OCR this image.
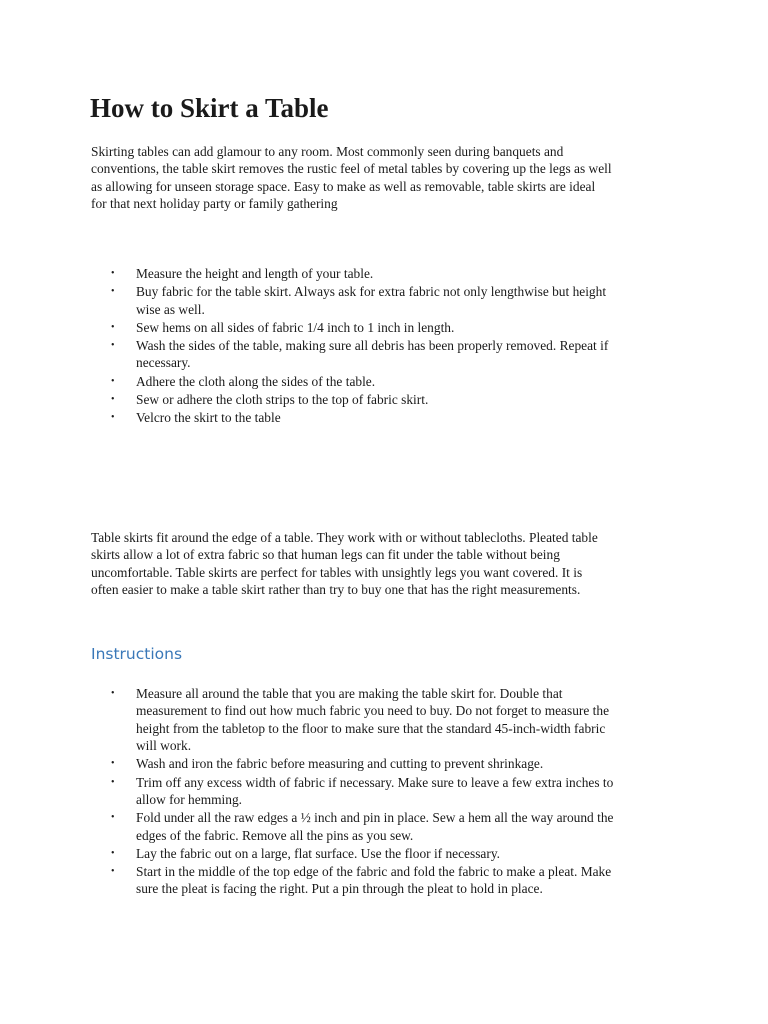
How to Skirt a Table

Skirting tables can add glamour to any room. Most commonly seen during banquets and
conventions, the table skirt removes the rustic feel of metal tables by covering up the legs as well
as allowing for unseen storage space. Easy to make as well as removable, table skirts are ideal
for that next holiday party or family gathering

• Measure the height and length of your table.
• Buy fabric for the table skirt. Always ask for extra fabric not only lengthwise but height
wise as well.
• Sew hems on all sides of fabric 1/4 inch to 1 inch in length.
• Wash the sides of the table, making sure all debris has been properly removed. Repeat if
necessary.
• Adhere the cloth along the sides of the table.
• Sew or adhere the cloth strips to the top of fabric skirt.
• Velcro the skirt to the table

Table skirts fit around the edge of a table. They work with or without tablecloths. Pleated table
skirts allow a lot of extra fabric so that human legs can fit under the table without being
uncomfortable. Table skirts are perfect for tables with unsightly legs you want covered. It is
often easier to make a table skirt rather than try to buy one that has the right measurements.

Instructions
• Measure all around the table that you are making the table skirt for. Double that
measurement to find out how much fabric you need to buy. Do not forget to measure the
height from the tabletop to the floor to make sure that the standard 45-inch-width fabric
will work.
• Wash and iron the fabric before measuring and cutting to prevent shrinkage.
• Trim off any excess width of fabric if necessary. Make sure to leave a few extra inches to
allow for hemming.
• Fold under all the raw edges a ½ inch and pin in place. Sew a hem all the way around the
edges of the fabric. Remove all the pins as you sew.
• Lay the fabric out on a large, flat surface. Use the floor if necessary.
• Start in the middle of the top edge of the fabric and fold the fabric to make a pleat. Make
sure the pleat is facing the right. Put a pin through the pleat to hold in place.
